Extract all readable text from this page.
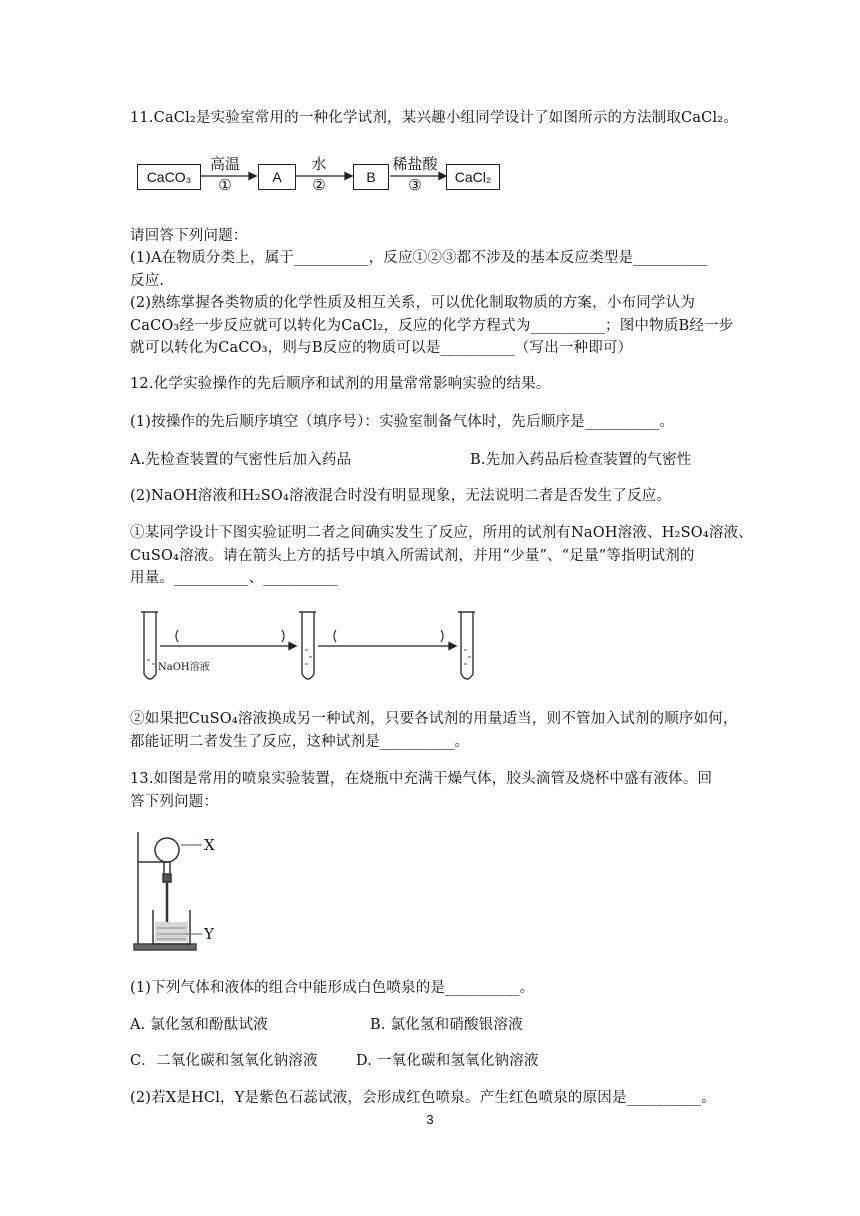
11.CaCl₂是实验室常用的一种化学试剂，某兴趣小组同学设计了如图所示的方法制取CaCl₂。
CaCO₃
高温
①	A
水
②	B
稀盐酸
③	CaCl₂
请回答下列问题：
(1)A在物质分类上，属于__________，反应①②③都不涉及的基本反应类型是__________
反应.
(2)熟练掌握各类物质的化学性质及相互关系，可以优化制取物质的方案，小布同学认为
CaCO₃经一步反应就可以转化为CaCl₂，反应的化学方程式为__________；图中物质B经一步
就可以转化为CaCO₃，则与B反应的物质可以是__________（写出一种即可）
12.化学实验操作的先后顺序和试剂的用量常常影响实验的结果。
(1)按操作的先后顺序填空（填序号）：实验室制备气体时，先后顺序是__________。
A.先检查装置的气密性后加入药品	B.先加入药品后检查装置的气密性
(2)NaOH溶液和H₂SO₄溶液混合时没有明显现象，无法说明二者是否发生了反应。
①某同学设计下图实验证明二者之间确实发生了反应，所用的试剂有NaOH溶液、H₂SO₄溶液、
CuSO₄溶液。请在箭头上方的括号中填入所需试剂，并用“少量”、“足量”等指明试剂的
用量。__________、__________
NaOH溶液
②如果把CuSO₄溶液换成另一种试剂，只要各试剂的用量适当，则不管加入试剂的顺序如何，
都能证明二者发生了反应，这种试剂是__________。
13.如图是常用的喷泉实验装置，在烧瓶中充满干燥气体，胶头滴管及烧杯中盛有液体。回
答下列问题：
X
Y
(1)下列气体和液体的组合中能形成白色喷泉的是__________。
A. 氯化氢和酚酞试液	B. 氯化氢和硝酸银溶液
C．二氧化碳和氢氧化钠溶液	D. 一氧化碳和氢氧化钠溶液
(2)若X是HCl，Y是紫色石蕊试液，会形成红色喷泉。产生红色喷泉的原因是__________。
3
